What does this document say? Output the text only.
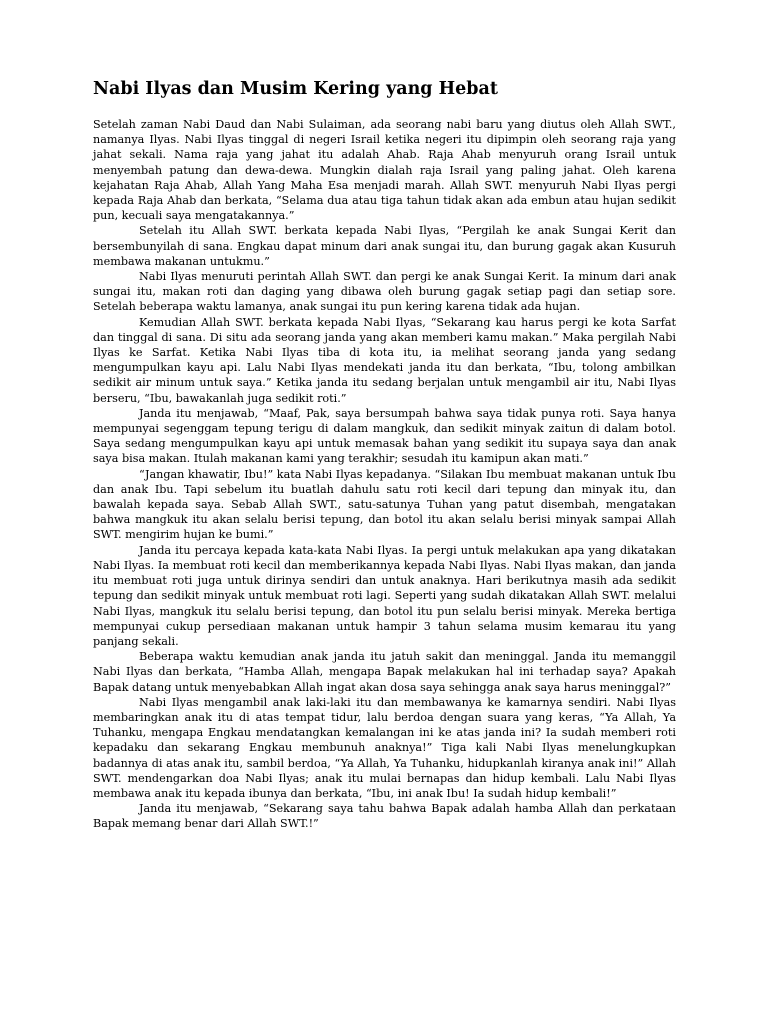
Nabi Ilyas dan Musim Kering yang Hebat

Setelah zaman Nabi Daud dan Nabi Sulaiman, ada seorang nabi baru yang diutus oleh Allah SWT., namanya Ilyas. Nabi Ilyas tinggal di negeri Israil ketika negeri itu dipimpin oleh seorang raja yang jahat sekali. Nama raja yang jahat itu adalah Ahab. Raja Ahab menyuruh orang Israil untuk menyembah patung dan dewa-dewa. Mungkin dialah raja Israil yang paling jahat. Oleh karena kejahatan Raja Ahab, Allah Yang Maha Esa menjadi marah. Allah SWT. menyuruh Nabi Ilyas pergi kepada Raja Ahab dan berkata, “Selama dua atau tiga tahun tidak akan ada embun atau hujan sedikit pun, kecuali saya mengatakannya.”

Setelah itu Allah SWT. berkata kepada Nabi Ilyas, “Pergilah ke anak Sungai Kerit dan bersembunyilah di sana. Engkau dapat minum dari anak sungai itu, dan burung gagak akan Kusuruh membawa makanan untukmu.”

Nabi Ilyas menuruti perintah Allah SWT. dan pergi ke anak Sungai Kerit. Ia minum dari anak sungai itu, makan roti dan daging yang dibawa oleh burung gagak setiap pagi dan setiap sore. Setelah beberapa waktu lamanya, anak sungai itu pun kering karena tidak ada hujan.

Kemudian Allah SWT. berkata kepada Nabi Ilyas, “Sekarang kau harus pergi ke kota Sarfat dan tinggal di sana. Di situ ada seorang janda yang akan memberi kamu makan.” Maka pergilah Nabi Ilyas ke Sarfat. Ketika Nabi Ilyas tiba di kota itu, ia melihat seorang janda yang sedang mengumpulkan kayu api. Lalu Nabi Ilyas mendekati janda itu dan berkata, “Ibu, tolong ambilkan sedikit air minum untuk saya.” Ketika janda itu sedang berjalan untuk mengambil air itu, Nabi Ilyas berseru, “Ibu, bawakanlah juga sedikit roti.”

Janda itu menjawab, “Maaf, Pak, saya bersumpah bahwa saya tidak punya roti. Saya hanya mempunyai segenggam tepung terigu di dalam mangkuk, dan sedikit minyak zaitun di dalam botol. Saya sedang mengumpulkan kayu api untuk memasak bahan yang sedikit itu supaya saya dan anak saya bisa makan. Itulah makanan kami yang terakhir; sesudah itu kamipun akan mati.”

“Jangan khawatir, Ibu!” kata Nabi Ilyas kepadanya. “Silakan Ibu membuat makanan untuk Ibu dan anak Ibu. Tapi sebelum itu buatlah dahulu satu roti kecil dari tepung dan minyak itu, dan bawalah kepada saya. Sebab Allah SWT., satu-satunya Tuhan yang patut disembah, mengatakan bahwa mangkuk itu akan selalu berisi tepung, dan botol itu akan selalu berisi minyak sampai Allah SWT. mengirim hujan ke bumi.”

Janda itu percaya kepada kata-kata Nabi Ilyas. Ia pergi untuk melakukan apa yang dikatakan Nabi Ilyas. Ia membuat roti kecil dan memberikannya kepada Nabi Ilyas. Nabi Ilyas makan, dan janda itu membuat roti juga untuk dirinya sendiri dan untuk anaknya. Hari berikutnya masih ada sedikit tepung dan sedikit minyak untuk membuat roti lagi. Seperti yang sudah dikatakan Allah SWT. melalui Nabi Ilyas, mangkuk itu selalu berisi tepung, dan botol itu pun selalu berisi minyak. Mereka bertiga mempunyai cukup persediaan makanan untuk hampir 3 tahun selama musim kemarau itu yang panjang sekali.

Beberapa waktu kemudian anak janda itu jatuh sakit dan meninggal. Janda itu memanggil Nabi Ilyas dan berkata, “Hamba Allah, mengapa Bapak melakukan hal ini terhadap saya? Apakah Bapak datang untuk menyebabkan Allah ingat akan dosa saya sehingga anak saya harus meninggal?”

Nabi Ilyas mengambil anak laki-laki itu dan membawanya ke kamarnya sendiri. Nabi Ilyas membaringkan anak itu di atas tempat tidur, lalu berdoa dengan suara yang keras, “Ya Allah, Ya Tuhanku, mengapa Engkau mendatangkan kemalangan ini ke atas janda ini? Ia sudah memberi roti kepadaku dan sekarang Engkau membunuh anaknya!” Tiga kali Nabi Ilyas menelungkupkan badannya di atas anak itu, sambil berdoa, “Ya Allah, Ya Tuhanku, hidupkanlah kiranya anak ini!” Allah SWT. mendengarkan doa Nabi Ilyas; anak itu mulai bernapas dan hidup kembali. Lalu Nabi Ilyas membawa anak itu kepada ibunya dan berkata, “Ibu, ini anak Ibu! Ia sudah hidup kembali!”

Janda itu menjawab, “Sekarang saya tahu bahwa Bapak adalah hamba Allah dan perkataan Bapak memang benar dari Allah SWT.!”
